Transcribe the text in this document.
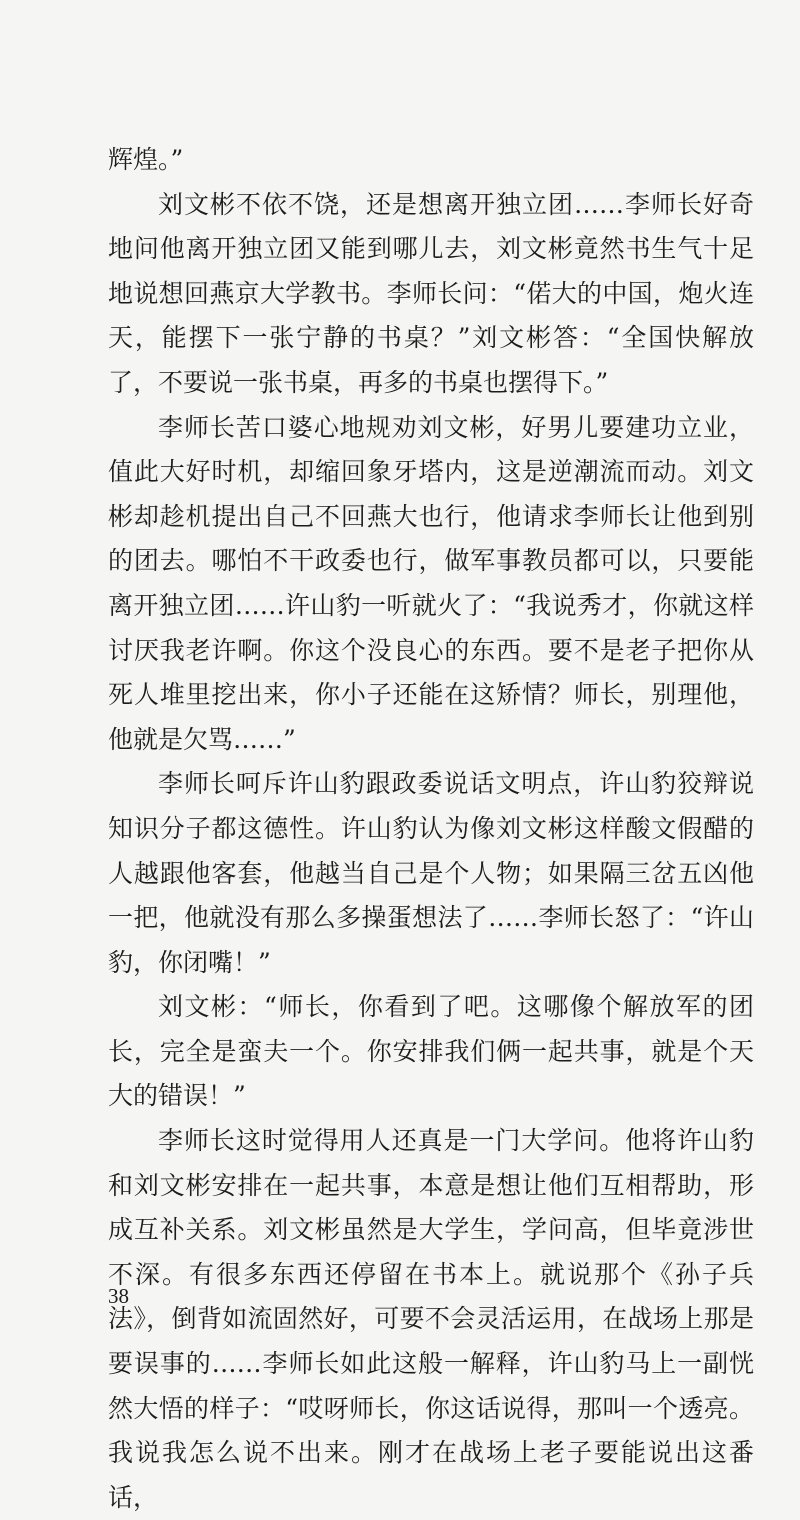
辉煌。”

刘文彬不依不饶，还是想离开独立团……李师长好奇地问他离开独立团又能到哪儿去，刘文彬竟然书生气十足地说想回燕京大学教书。李师长问：“偌大的中国，炮火连天，能摆下一张宁静的书桌？”刘文彬答：“全国快解放了，不要说一张书桌，再多的书桌也摆得下。”

李师长苦口婆心地规劝刘文彬，好男儿要建功立业，值此大好时机，却缩回象牙塔内，这是逆潮流而动。刘文彬却趁机提出自己不回燕大也行，他请求李师长让他到别的团去。哪怕不干政委也行，做军事教员都可以，只要能离开独立团……许山豹一听就火了：“我说秀才，你就这样讨厌我老许啊。你这个没良心的东西。要不是老子把你从死人堆里挖出来，你小子还能在这矫情？师长，别理他，他就是欠骂……”

李师长呵斥许山豹跟政委说话文明点，许山豹狡辩说知识分子都这德性。许山豹认为像刘文彬这样酸文假醋的人越跟他客套，他越当自己是个人物；如果隔三岔五凶他一把，他就没有那么多操蛋想法了……李师长怒了：“许山豹，你闭嘴！”

刘文彬：“师长，你看到了吧。这哪像个解放军的团长，完全是蛮夫一个。你安排我们俩一起共事，就是个天大的错误！”

李师长这时觉得用人还真是一门大学问。他将许山豹和刘文彬安排在一起共事，本意是想让他们互相帮助，形成互补关系。刘文彬虽然是大学生，学问高，但毕竟涉世不深。有很多东西还停留在书本上。就说那个《孙子兵法》，倒背如流固然好，可要不会灵活运用，在战场上那是要误事的……李师长如此这般一解释，许山豹马上一副恍然大悟的样子：“哎呀师长，你这话说得，那叫一个透亮。我说我怎么说不出来。刚才在战场上老子要能说出这番话，

38
